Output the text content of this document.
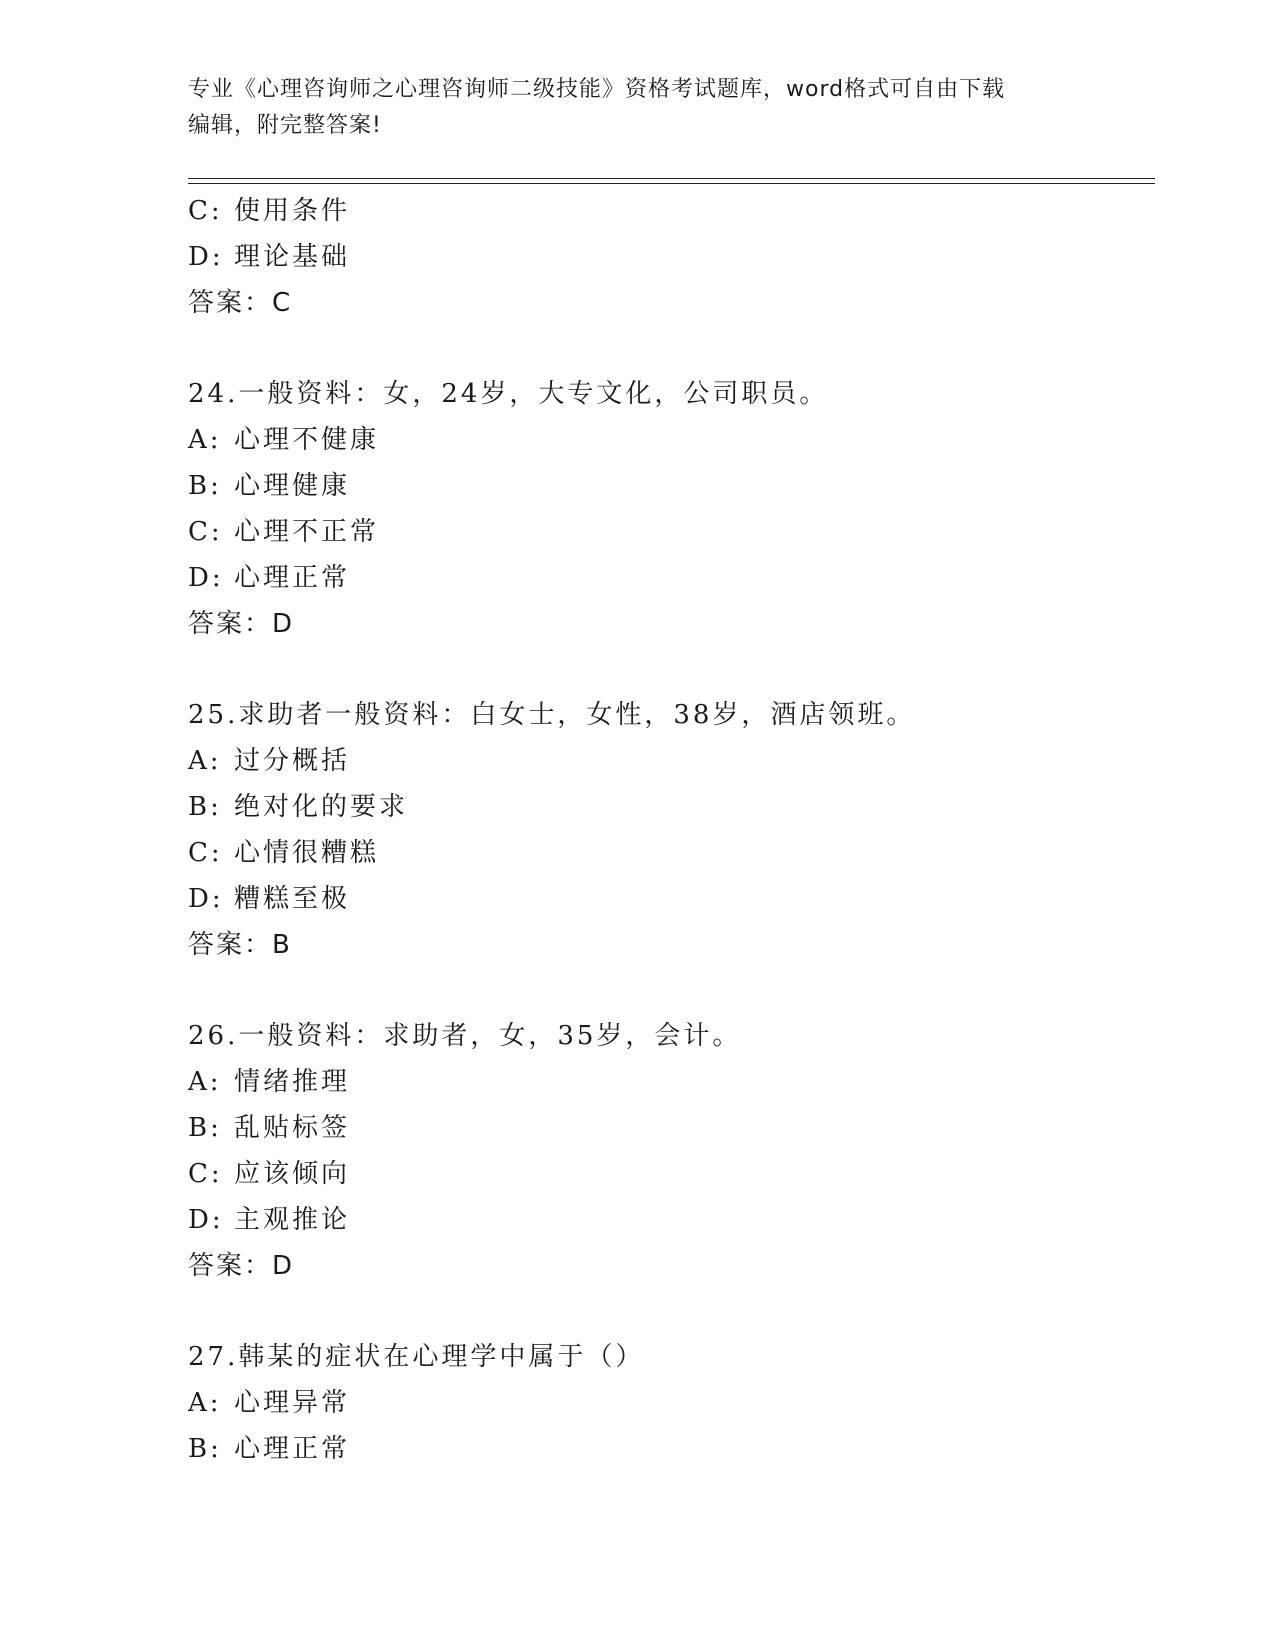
专业《心理咨询师之心理咨询师二级技能》资格考试题库，word格式可自由下载
编辑，附完整答案!
C: 使用条件
D: 理论基础
答案：C
24.一般资料：女，24岁，大专文化，公司职员。
A: 心理不健康
B: 心理健康
C: 心理不正常
D: 心理正常
答案：D
25.求助者一般资料：白女士，女性，38岁，酒店领班。
A: 过分概括
B: 绝对化的要求
C: 心情很糟糕
D: 糟糕至极
答案：B
26.一般资料：求助者，女，35岁，会计。
A: 情绪推理
B: 乱贴标签
C: 应该倾向
D: 主观推论
答案：D
27.韩某的症状在心理学中属于（）
A: 心理异常
B: 心理正常
